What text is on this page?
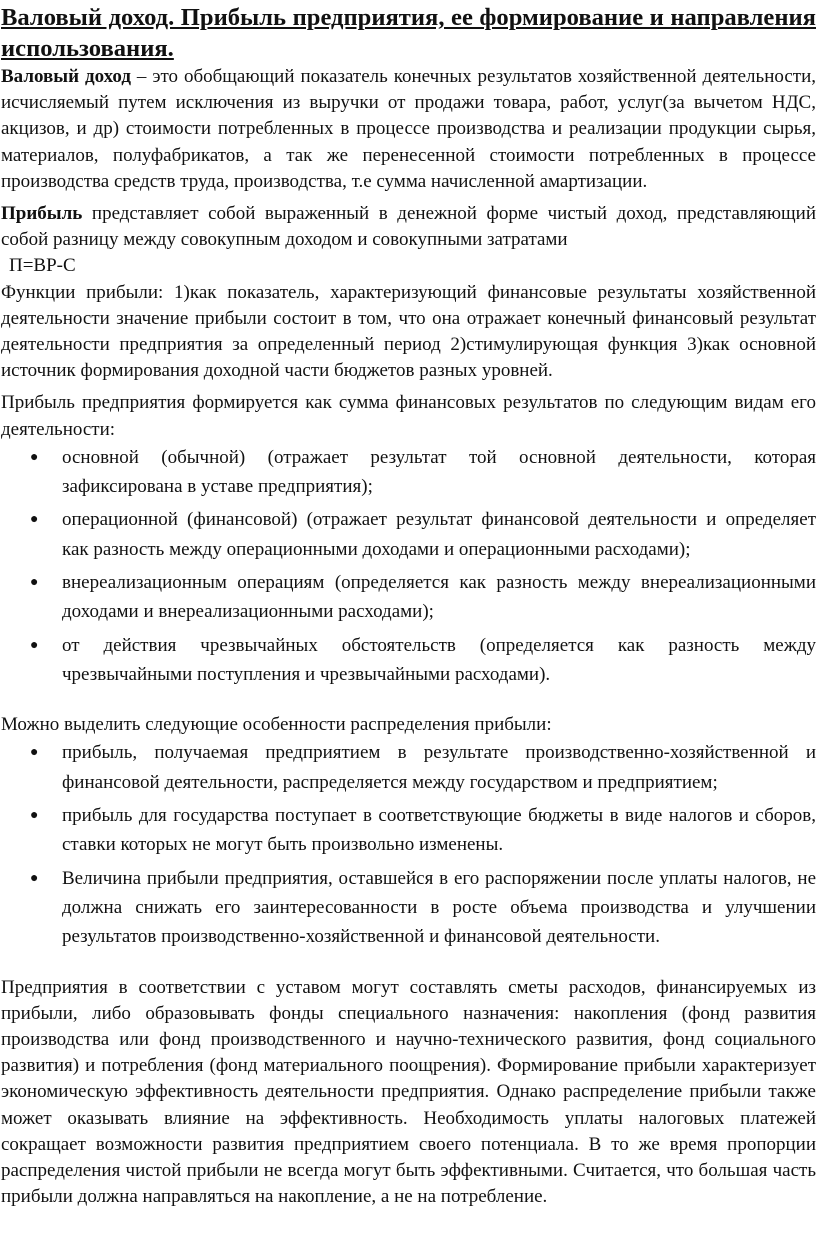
Валовый доход. Прибыль предприятия, ее формирование и направления использования.

Валовый доход – это обобщающий показатель конечных результатов хозяйственной деятельности, исчисляемый путем исключения из выручки от продажи товара, работ, услуг(за вычетом НДС, акцизов, и др) стоимости потребленных в процессе производства и реализации продукции сырья, материалов, полуфабрикатов, а так же перенесенной стоимости потребленных в процессе производства средств труда, производства, т.е сумма начисленной амартизации.

Прибыль представляет собой выраженный в денежной форме чистый доход, представляющий собой разницу между совокупным доходом и совокупными затратами

П=ВР-С

Функции прибыли: 1)как показатель, характеризующий финансовые результаты хозяйственной деятельности значение прибыли состоит в том, что она отражает конечный финансовый результат деятельности предприятия за определенный период 2)стимулирующая функция 3)как основной источник формирования доходной части бюджетов разных уровней.

Прибыль предприятия формируется как сумма финансовых результатов по следующим видам его деятельности:

● основной (обычной) (отражает результат той основной деятельности, которая зафиксирована в уставе предприятия);
● операционной (финансовой) (отражает результат финансовой деятельности и определяет как разность между операционными доходами и операционными расходами);
● внереализационным операциям (определяется как разность между внереализационными доходами и внереализационными расходами);
● от действия чрезвычайных обстоятельств (определяется как разность между чрезвычайными поступления и чрезвычайными расходами).

Можно выделить следующие особенности распределения прибыли:

● прибыль, получаемая предприятием в результате производственно-хозяйственной и финансовой деятельности, распределяется между государством и предприятием;
● прибыль для государства поступает в соответствующие бюджеты в виде налогов и сборов, ставки которых не могут быть произвольно изменены.
● Величина прибыли предприятия, оставшейся в его распоряжении после уплаты налогов, не должна снижать его заинтересованности в росте объема производства и улучшении результатов производственно-хозяйственной и финансовой деятельности.

Предприятия в соответствии с уставом могут составлять сметы расходов, финансируемых из прибыли, либо образовывать фонды специального назначения: накопления (фонд развития производства или фонд производственного и научно-технического развития, фонд социального развития) и потребления (фонд материального поощрения). Формирование прибыли характеризует экономическую эффективность деятельности предприятия. Однако распределение прибыли также может оказывать влияние на эффективность. Необходимость уплаты налоговых платежей сокращает возможности развития предприятием своего потенциала. В то же время пропорции распределения чистой прибыли не всегда могут быть эффективными. Считается, что большая часть прибыли должна направляться на накопление, а не на потребление.
